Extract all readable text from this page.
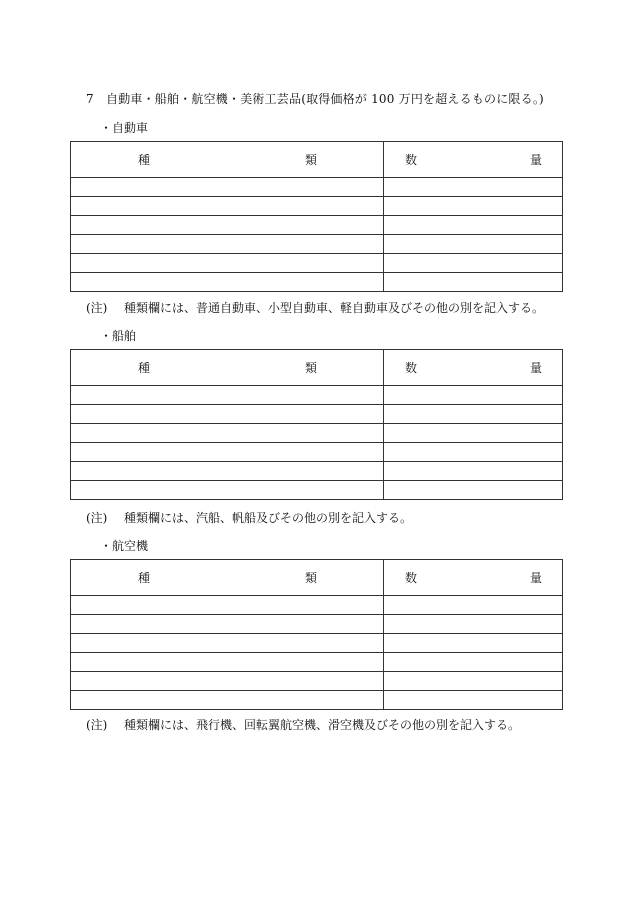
7 自動車・船舶・航空機・美術工芸品(取得価格が 100 万円を超えるものに限る。)
・自動車
種 類	数 量

(注) 種類欄には、普通自動車、小型自動車、軽自動車及びその他の別を記入する。
・船舶
種 類	数 量

(注) 種類欄には、汽船、帆船及びその他の別を記入する。
・航空機
種 類	数 量

(注) 種類欄には、飛行機、回転翼航空機、滑空機及びその他の別を記入する。
